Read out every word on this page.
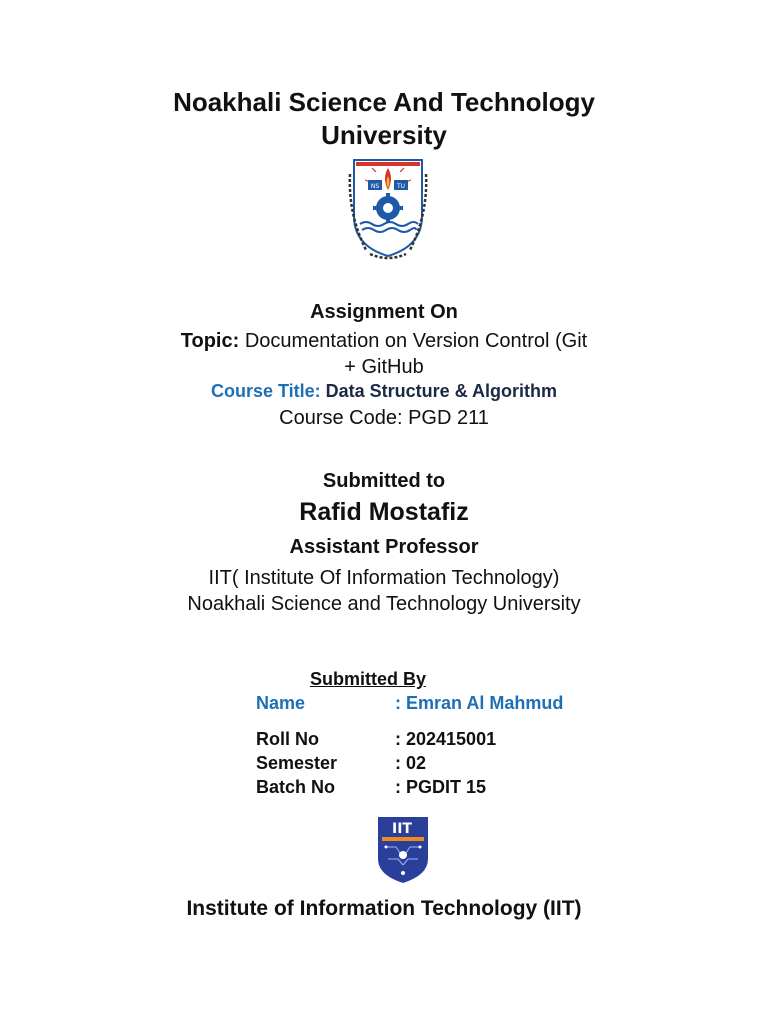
Noakhali Science And Technology
University
NS	TU
Assignment On
Topic: Documentation on Version Control (Git
+ GitHub
Course Title: Data Structure & Algorithm
Course Code: PGD 211
Submitted to
Rafid Mostafiz
Assistant Professor
IIT( Institute Of Information Technology)
Noakhali Science and Technology University
Submitted By
Name	: Emran Al Mahmud
Roll No	: 202415001
Semester	: 02
Batch No	: PGDIT 15
IIT
Institute of Information Technology (IIT)
